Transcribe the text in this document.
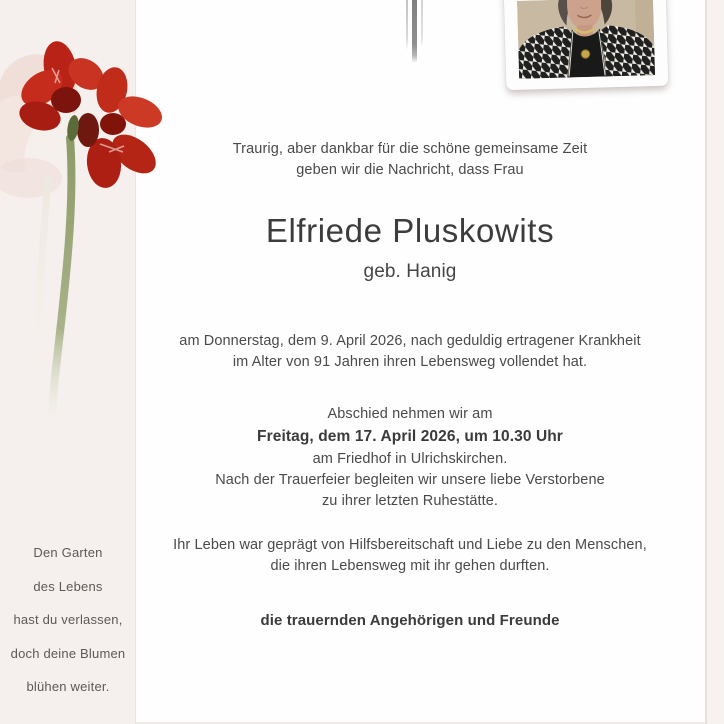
Den Garten

des Lebens

hast du verlassen,

doch deine Blumen

blühen weiter.

Traurig, aber dankbar für die schöne gemeinsame Zeit

geben wir die Nachricht, dass Frau

Elfriede Pluskowits

geb. Hanig

am Donnerstag, dem 9. April 2026, nach geduldig ertragener Krankheit

im Alter von 91 Jahren ihren Lebensweg vollendet hat.

Abschied nehmen wir am

Freitag, dem 17. April 2026, um 10.30 Uhr

am Friedhof in Ulrichskirchen.

Nach der Trauerfeier begleiten wir unsere liebe Verstorbene

zu ihrer letzten Ruhestätte.

Ihr Leben war geprägt von Hilfsbereitschaft und Liebe zu den Menschen,

die ihren Lebensweg mit ihr gehen durften.

die trauernden Angehörigen und Freunde
